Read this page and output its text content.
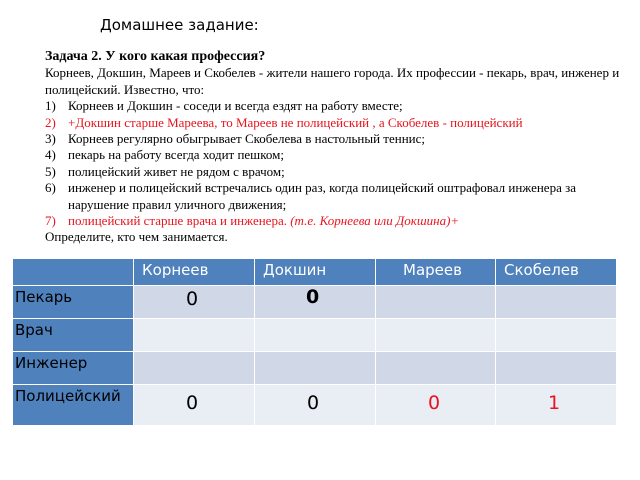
Домашнее задание:
Задача 2. У кого какая профессия?
Корнеев, Докшин, Мареев и Скобелев - жители нашего города. Их профессии - пекарь, врач, инженер и полицейский. Известно, что:
1) Корнеев и Докшин - соседи и всегда ездят на работу вместе;
2) +Докшин старше Мареева, то Мареев не полицейский , а Скобелев - полицейский
3) Корнеев регулярно обыгрывает Скобелева в настольный теннис;
4) пекарь на работу всегда ходит пешком;
5) полицейский живет не рядом с врачом;
6) инженер и полицейский встречались один раз, когда полицейский оштрафовал инженера за нарушение правил уличного движения;
7) полицейский старше врача и инженера. (т.е. Корнеева или Докшина)+
Определите, кто чем занимается.

	Корнеев	Докшин	Мареев	Скобелев

Пекарь	0	0		

Врач	

Инженер	

Полицейский	0	0	0	1
